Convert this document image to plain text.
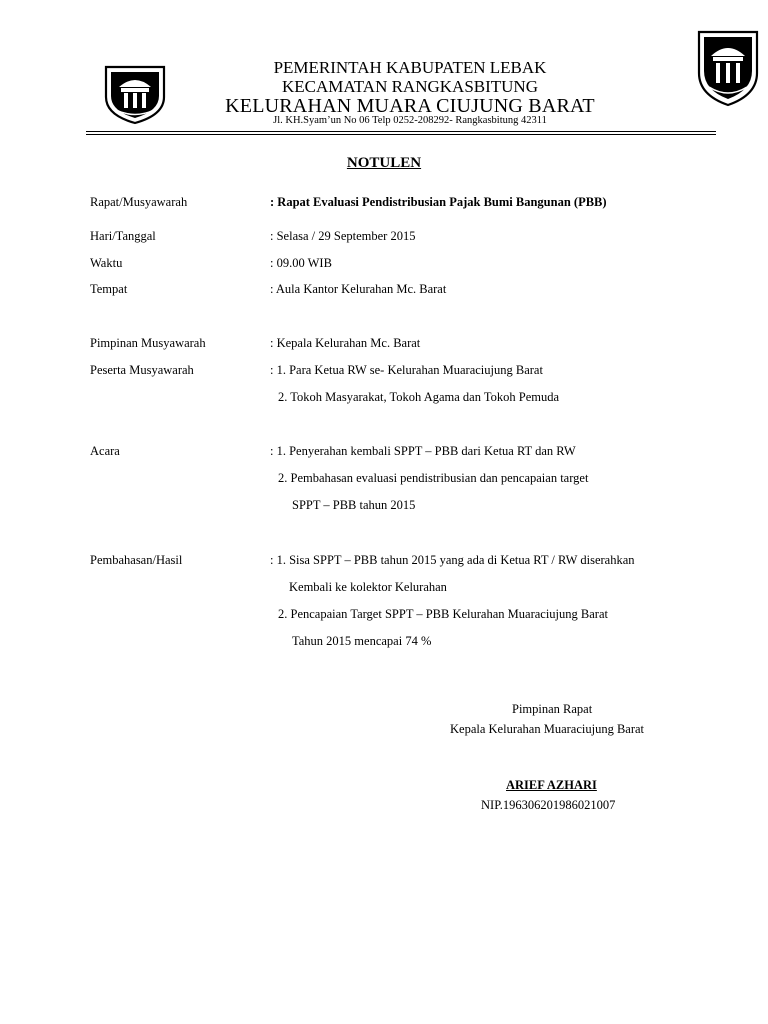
PEMERINTAH KABUPATEN LEBAK
KECAMATAN RANGKASBITUNG
KELURAHAN MUARA CIUJUNG BARAT
Jl. KH.Syam’un No 06 Telp 0252-208292- Rangkasbitung 42311
NOTULEN
Rapat/Musyawarah	: Rapat Evaluasi Pendistribusian Pajak Bumi Bangunan (PBB)
Hari/Tanggal	: Selasa / 29 September 2015
Waktu	: 09.00 WIB
Tempat	: Aula Kantor Kelurahan Mc. Barat
Pimpinan Musyawarah	: Kepala Kelurahan Mc. Barat
Peserta Musyawarah	: 1. Para Ketua RW se- Kelurahan Muaraciujung Barat
2. Tokoh Masyarakat, Tokoh Agama dan Tokoh Pemuda
Acara	: 1. Penyerahan kembali SPPT – PBB dari Ketua RT dan RW
2. Pembahasan evaluasi pendistribusian dan pencapaian target
SPPT – PBB tahun 2015
Pembahasan/Hasil	: 1. Sisa SPPT – PBB tahun 2015 yang ada di Ketua RT / RW diserahkan
Kembali ke kolektor Kelurahan
2. Pencapaian Target SPPT – PBB Kelurahan Muaraciujung Barat
Tahun 2015 mencapai 74 %
Pimpinan Rapat
Kepala Kelurahan Muaraciujung Barat
ARIEF AZHARI
NIP.196306201986021007
